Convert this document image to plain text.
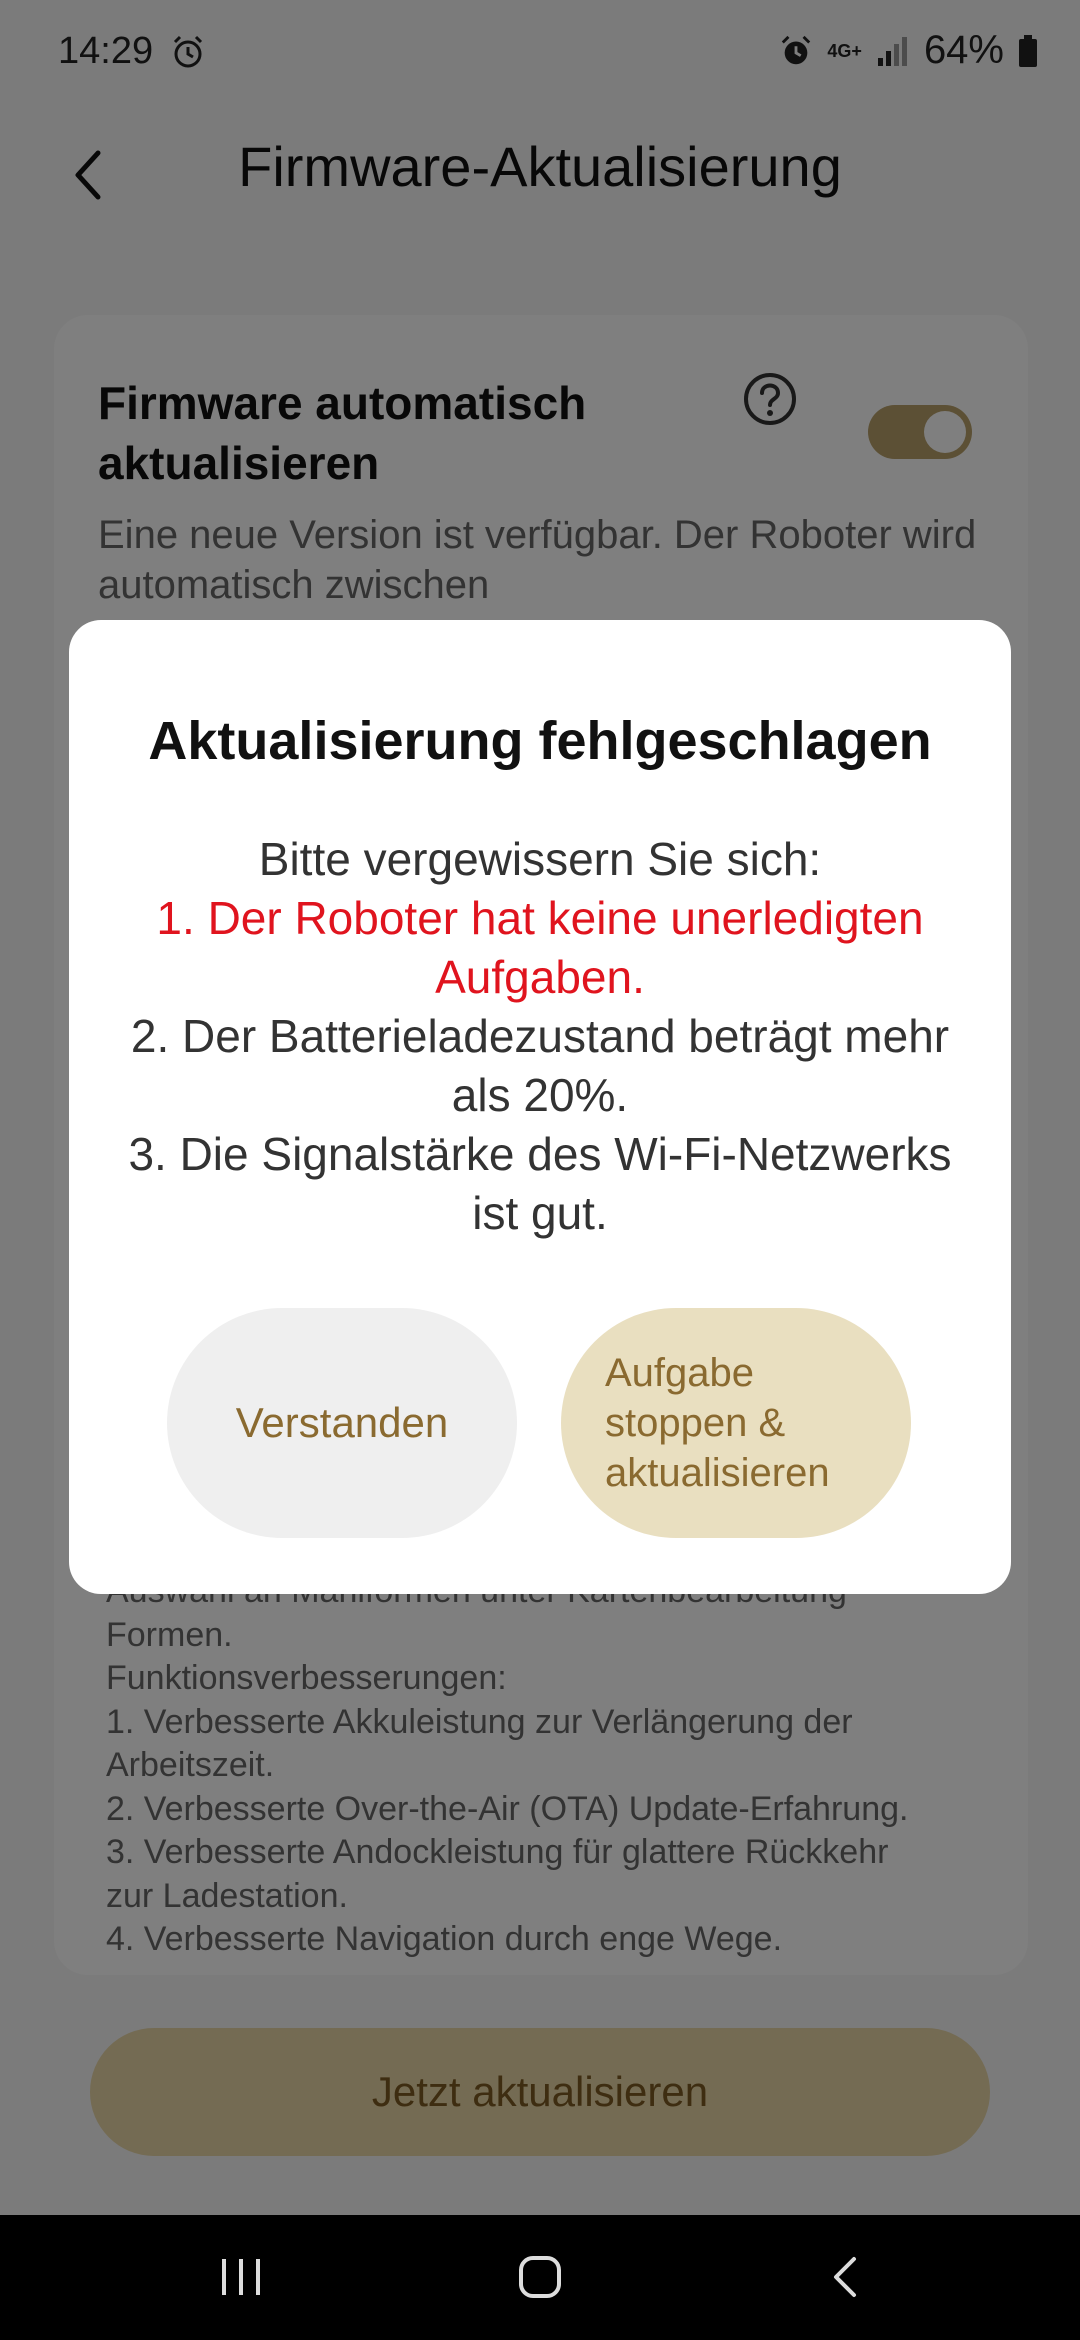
Aktualisierung fehlgeschlagen
Bitte vergewissern Sie sich:
1. Der Roboter hat keine unerledigten Aufgaben.
2. Der Batterieladezustand beträgt mehr als 20%.
3. Die Signalstärke des Wi-Fi-Netzwerks ist gut.
Verstanden
Aufgabe stoppen & aktualisieren
